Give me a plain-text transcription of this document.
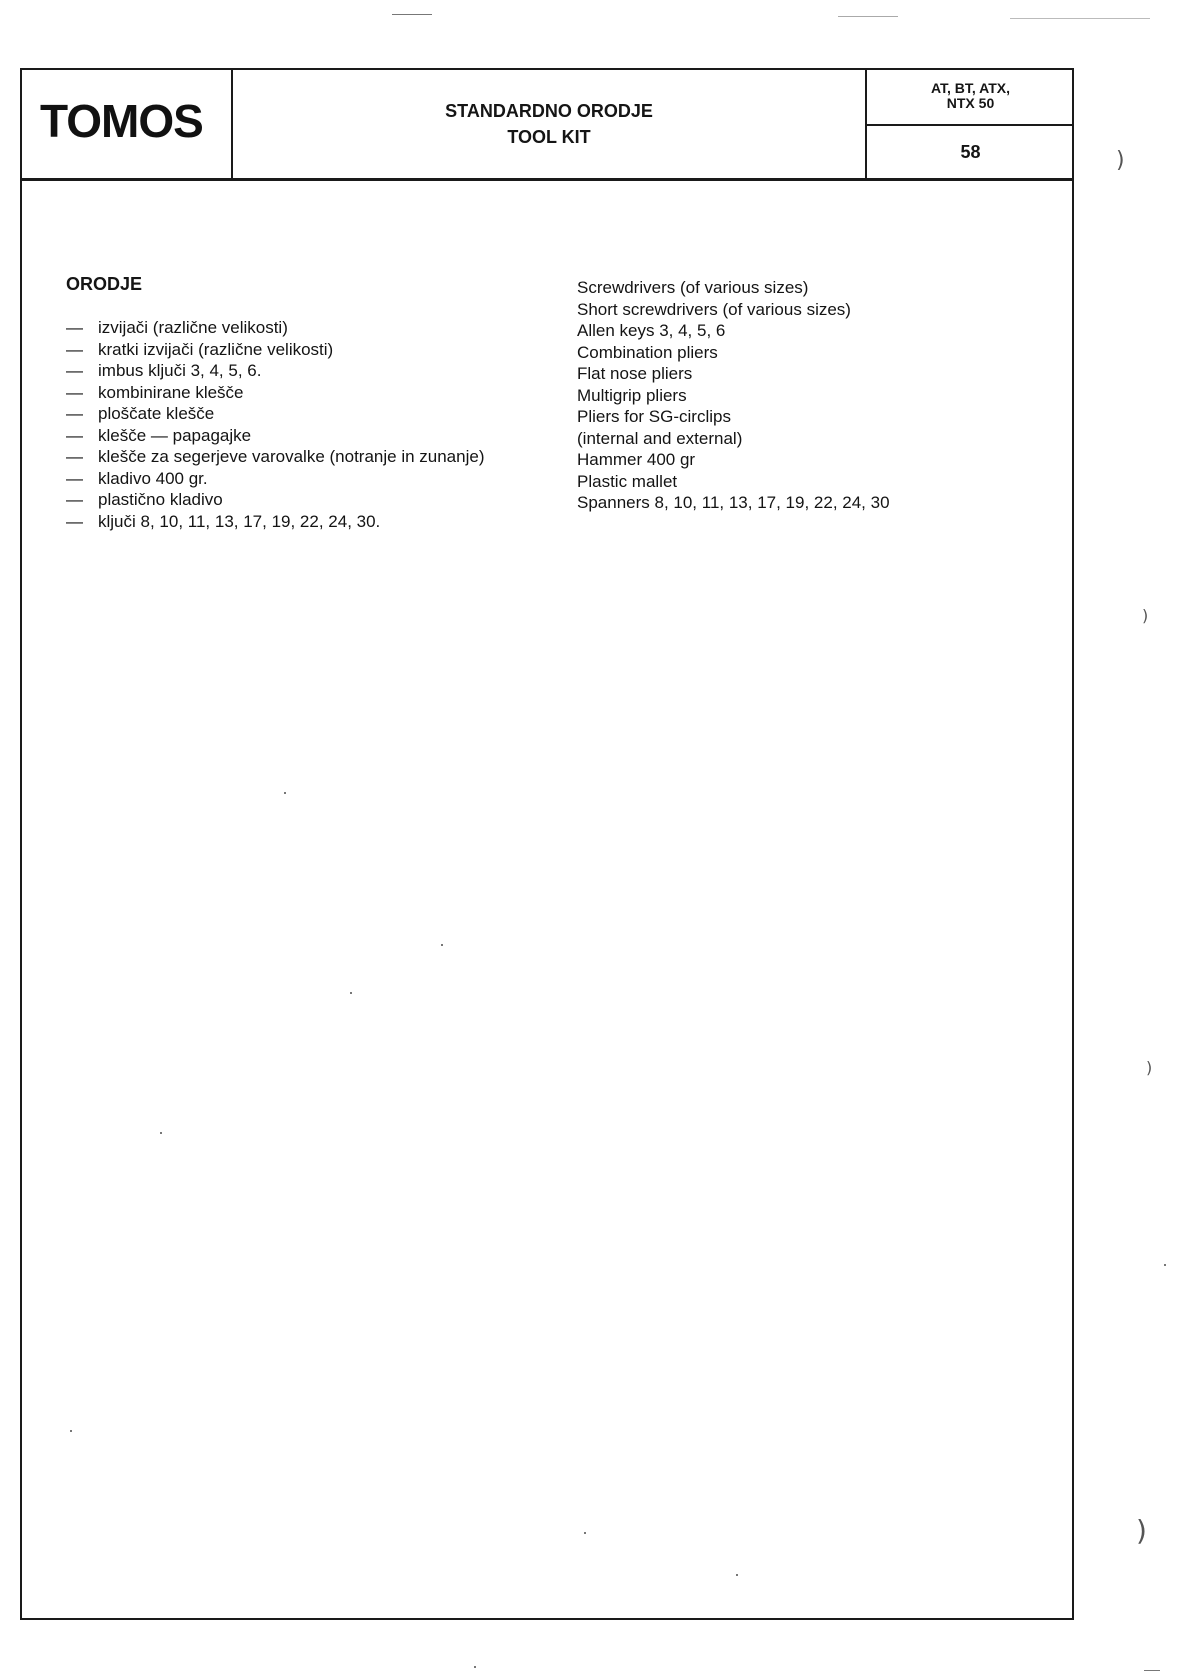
TOMOS	STANDARDNO ORODJE
TOOL KIT
AT, BT, ATX,
NTX 50
58
ORODJE
— izvijači (različne velikosti)
— kratki izvijači (različne velikosti)
— imbus ključi 3, 4, 5, 6.
— kombinirane klešče
— ploščate klešče
— klešče — papagajke
— klešče za segerjeve varovalke (notranje in zunanje)
— kladivo 400 gr.
— plastično kladivo
— ključi 8, 10, 11, 13, 17, 19, 22, 24, 30.
Screwdrivers (of various sizes)
Short screwdrivers (of various sizes)
Allen keys 3, 4, 5, 6
Combination pliers
Flat nose pliers
Multigrip pliers
Pliers for SG-circlips
(internal and external)
Hammer 400 gr
Plastic mallet
Spanners 8, 10, 11, 13, 17, 19, 22, 24, 30
)
)
)
)
